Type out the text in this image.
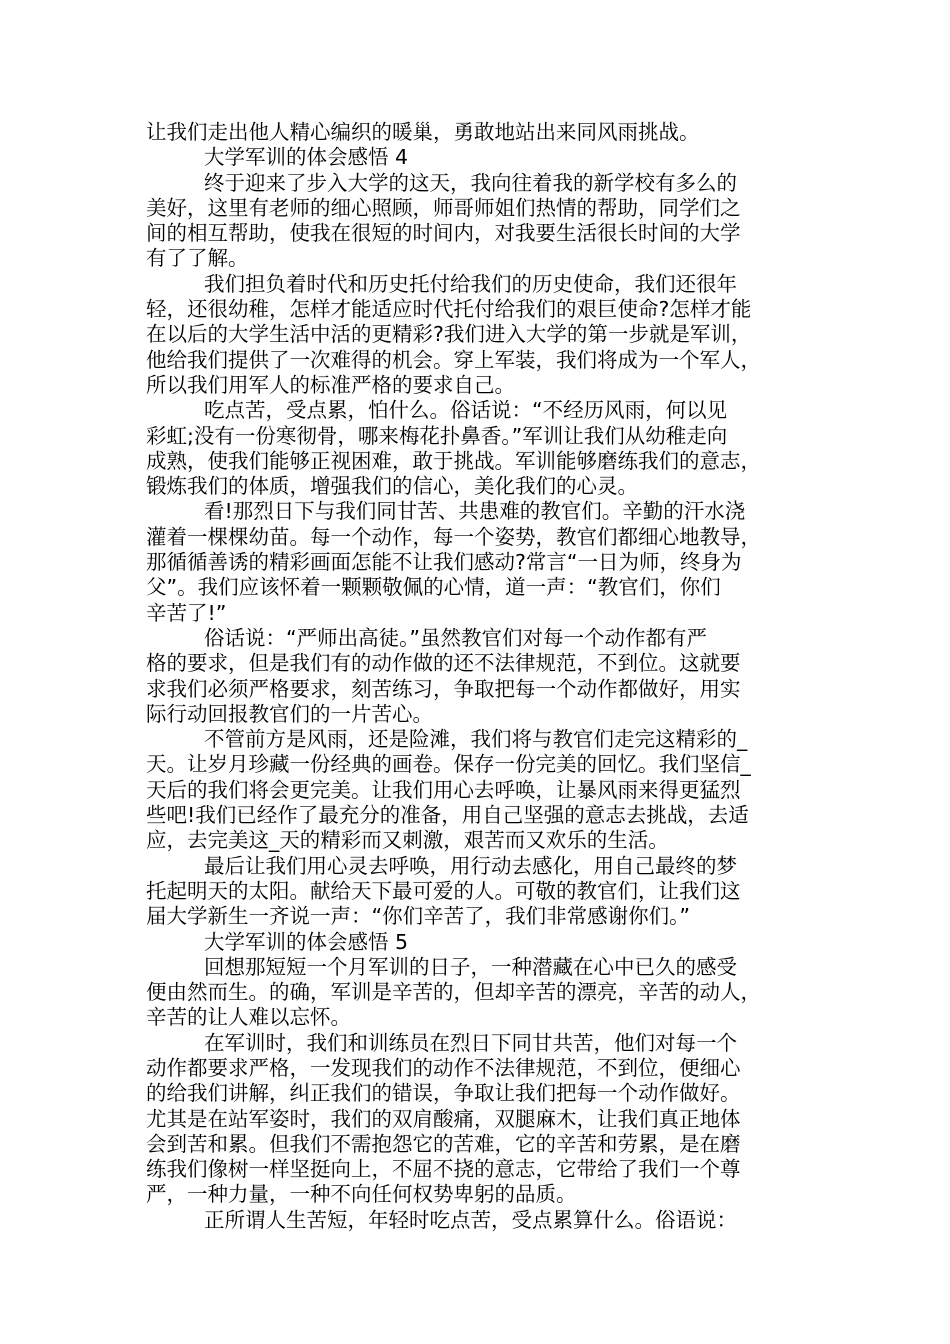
让我们走出他人精心编织的暖巢，勇敢地站出来同风雨挑战。
大学军训的体会感悟 4
终于迎来了步入大学的这天，我向往着我的新学校有多么的
美好，这里有老师的细心照顾，师哥师姐们热情的帮助，同学们之
间的相互帮助，使我在很短的时间内，对我要生活很长时间的大学
有了了解。
我们担负着时代和历史托付给我们的历史使命，我们还很年
轻，还很幼稚，怎样才能适应时代托付给我们的艰巨使命?怎样才能
在以后的大学生活中活的更精彩?我们进入大学的第一步就是军训，
他给我们提供了一次难得的机会。穿上军装，我们将成为一个军人，
所以我们用军人的标准严格的要求自己。
吃点苦，受点累，怕什么。俗话说：“不经历风雨，何以见
彩虹;没有一份寒彻骨，哪来梅花扑鼻香。”军训让我们从幼稚走向
成熟，使我们能够正视困难，敢于挑战。军训能够磨练我们的意志，
锻炼我们的体质，增强我们的信心，美化我们的心灵。
看!那烈日下与我们同甘苦、共患难的教官们。辛勤的汗水浇
灌着一棵棵幼苗。每一个动作，每一个姿势，教官们都细心地教导，
那循循善诱的精彩画面怎能不让我们感动?常言“一日为师，终身为
父”。我们应该怀着一颗颗敬佩的心情，道一声：“教官们，你们
辛苦了!”
俗话说：“严师出高徒。”虽然教官们对每一个动作都有严
格的要求，但是我们有的动作做的还不法律规范，不到位。这就要
求我们必须严格要求，刻苦练习，争取把每一个动作都做好，用实
际行动回报教官们的一片苦心。
不管前方是风雨，还是险滩，我们将与教官们走完这精彩的_
天。让岁月珍藏一份经典的画卷。保存一份完美的回忆。我们坚信_
天后的我们将会更完美。让我们用心去呼唤，让暴风雨来得更猛烈
些吧!我们已经作了最充分的准备，用自己坚强的意志去挑战，去适
应，去完美这_天的精彩而又刺激，艰苦而又欢乐的生活。
最后让我们用心灵去呼唤，用行动去感化，用自己最终的梦
托起明天的太阳。献给天下最可爱的人。可敬的教官们，让我们这
届大学新生一齐说一声：“你们辛苦了，我们非常感谢你们。”
大学军训的体会感悟 5
回想那短短一个月军训的日子，一种潜藏在心中已久的感受
便由然而生。的确，军训是辛苦的，但却辛苦的漂亮，辛苦的动人，
辛苦的让人难以忘怀。
在军训时，我们和训练员在烈日下同甘共苦，他们对每一个
动作都要求严格，一发现我们的动作不法律规范，不到位，便细心
的给我们讲解，纠正我们的错误，争取让我们把每一个动作做好。
尤其是在站军姿时，我们的双肩酸痛，双腿麻木，让我们真正地体
会到苦和累。但我们不需抱怨它的苦难，它的辛苦和劳累，是在磨
练我们像树一样坚挺向上，不屈不挠的意志，它带给了我们一个尊
严，一种力量，一种不向任何权势卑躬的品质。
正所谓人生苦短，年轻时吃点苦，受点累算什么。俗语说：
